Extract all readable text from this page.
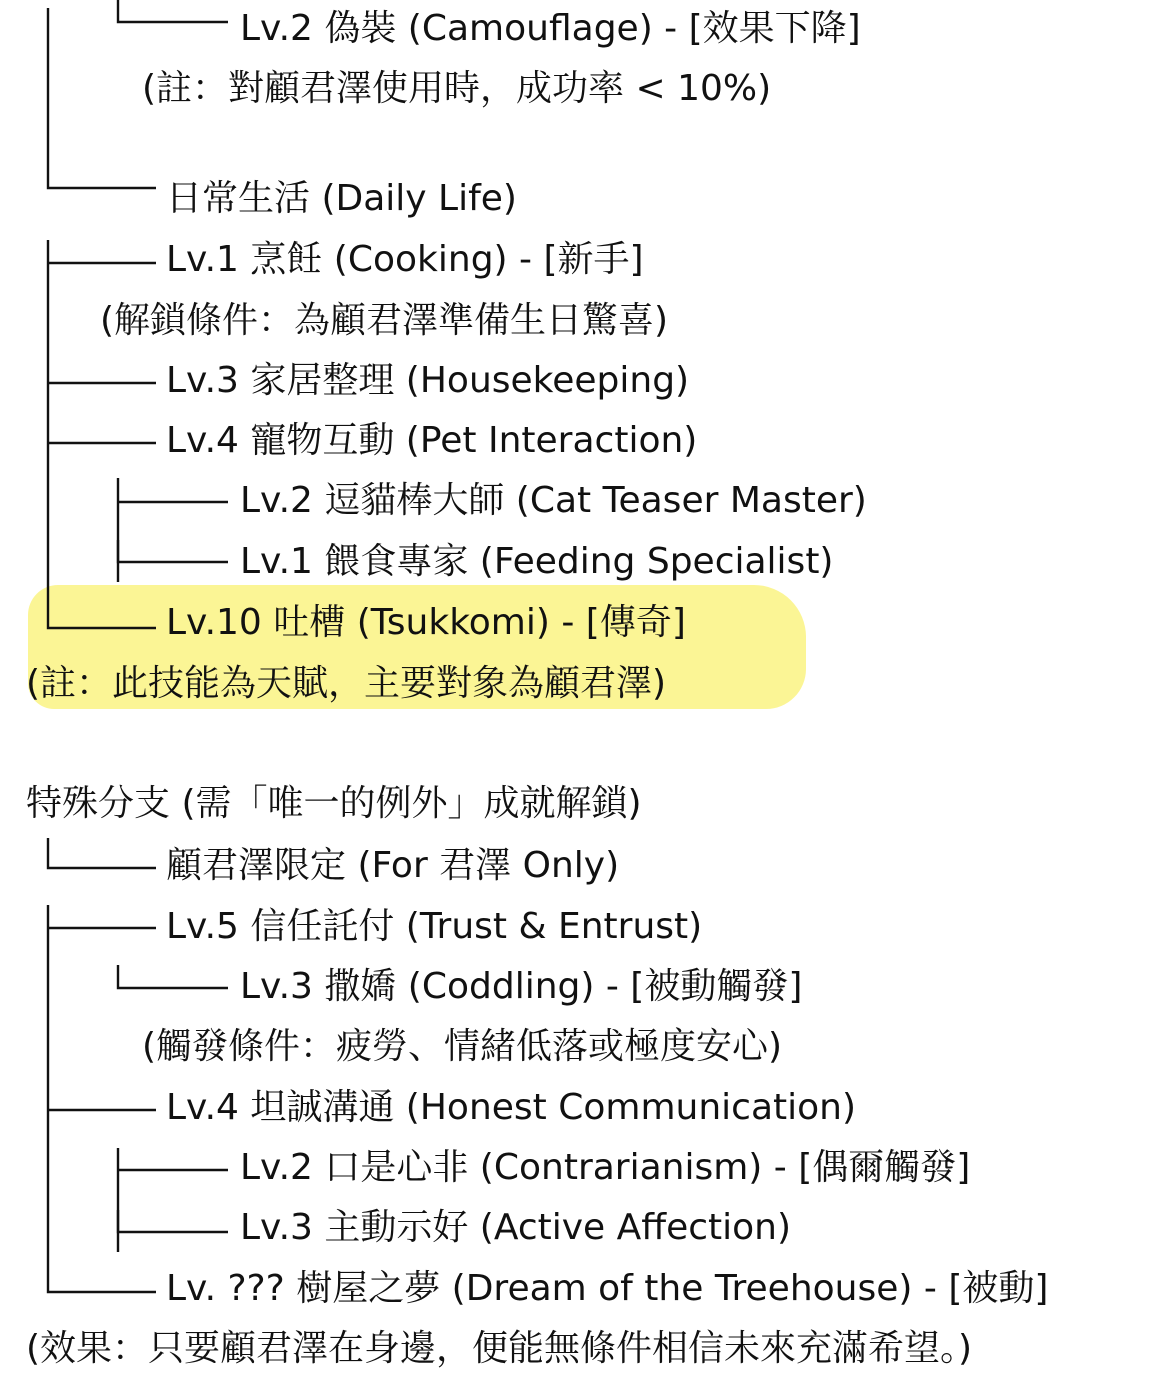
Lv.2 偽裝 (Camouflage) - [效果下降]
(註：對顧君澤使用時，成功率 < 10%)
日常生活 (Daily Life)
Lv.1 烹飪 (Cooking) - [新手]
(解鎖條件：為顧君澤準備生日驚喜)
Lv.3 家居整理 (Housekeeping)
Lv.4 寵物互動 (Pet Interaction)
Lv.2 逗貓棒大師 (Cat Teaser Master)
Lv.1 餵食專家 (Feeding Specialist)
Lv.10 吐槽 (Tsukkomi) - [傳奇]
(註：此技能為天賦，主要對象為顧君澤)
特殊分支 (需「唯一的例外」成就解鎖)
顧君澤限定 (For 君澤 Only)
Lv.5 信任託付 (Trust & Entrust)
Lv.3 撒嬌 (Coddling) - [被動觸發]
(觸發條件：疲勞、情緒低落或極度安心)
Lv.4 坦誠溝通 (Honest Communication)
Lv.2 口是心非 (Contrarianism) - [偶爾觸發]
Lv.3 主動示好 (Active Affection)
Lv. ??? 樹屋之夢 (Dream of the Treehouse) - [被動]
(效果：只要顧君澤在身邊，便能無條件相信未來充滿希望。)
